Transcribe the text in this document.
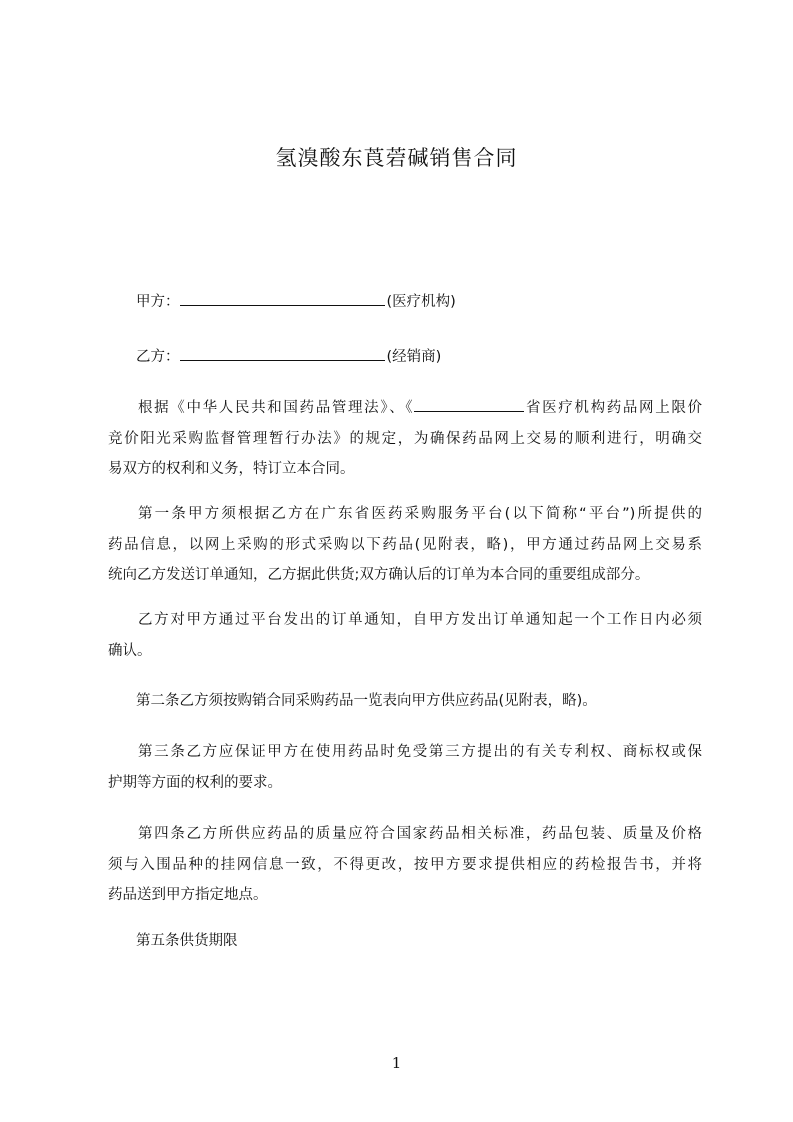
氢溴酸东莨菪碱销售合同
甲方：	(医疗机构)
乙方：	(经销商)
根据《中华人民共和国药品管理法》、《	省医疗机构药品网上限价
竞价阳光采购监督管理暂行办法》的规定，为确保药品网上交易的顺利进行，明确交
易双方的权利和义务，特订立本合同。
第一条甲方须根据乙方在广东省医药采购服务平台(以下简称“平台”)所提供的
药品信息，以网上采购的形式采购以下药品(见附表，略)，甲方通过药品网上交易系
统向乙方发送订单通知，乙方据此供货;双方确认后的订单为本合同的重要组成部分。
乙方对甲方通过平台发出的订单通知，自甲方发出订单通知起一个工作日内必须
确认。
第二条乙方须按购销合同采购药品一览表向甲方供应药品(见附表，略)。
第三条乙方应保证甲方在使用药品时免受第三方提出的有关专利权、商标权或保
护期等方面的权利的要求。
第四条乙方所供应药品的质量应符合国家药品相关标准，药品包装、质量及价格
须与入围品种的挂网信息一致，不得更改，按甲方要求提供相应的药检报告书，并将
药品送到甲方指定地点。
第五条供货期限
1
